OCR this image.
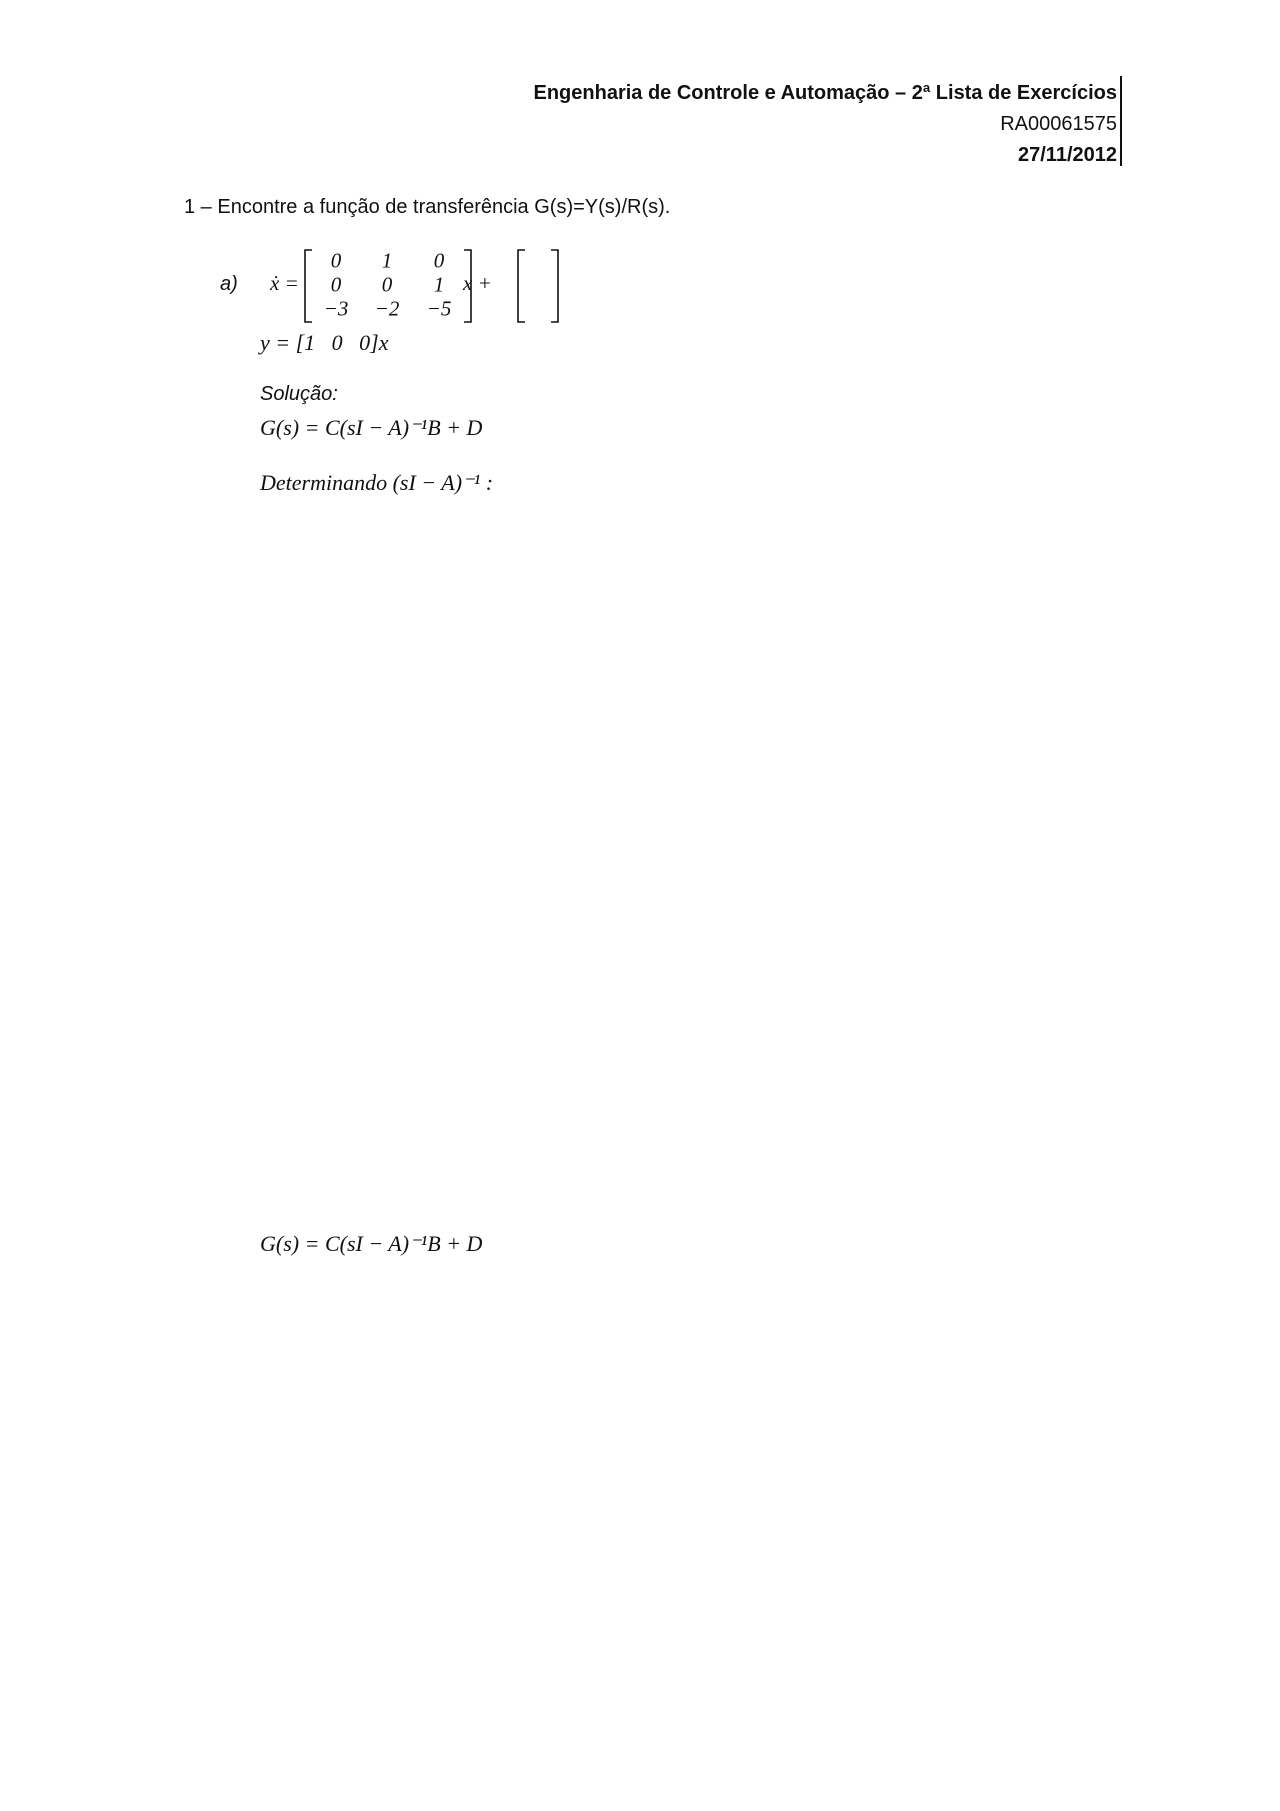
Engenharia de Controle e Automação – 2ª Lista de Exercícios
RA00061575
27/11/2012
1 – Encontre a função de transferência G(s)=Y(s)/R(s).
a)
y = [1   0   0]x
Solução:
G(s) = C(sI − A)⁻¹B + D
Determinando (sI − A)⁻¹ :
G(s) = C(sI − A)⁻¹B + D
ẋ =
0 1 0
0 0 1
−3 −2 −5
x +
